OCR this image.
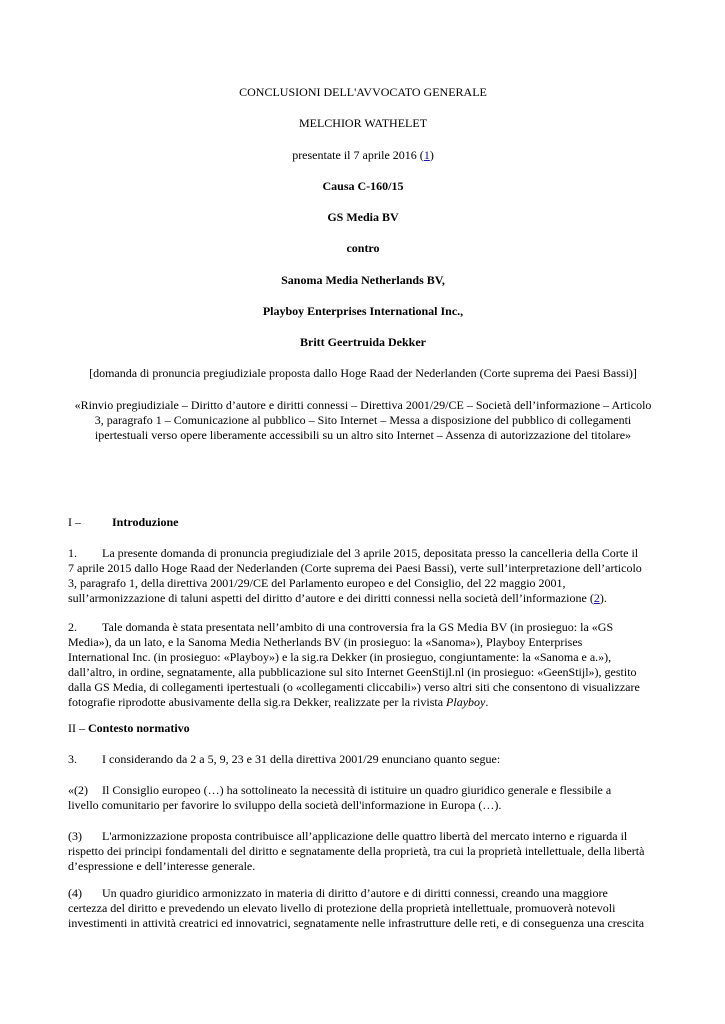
CONCLUSIONI DELL'AVVOCATO GENERALE
MELCHIOR WATHELET
presentate il 7 aprile 2016 (1)
Causa C-160/15
GS Media BV
contro
Sanoma Media Netherlands BV,
Playboy Enterprises International Inc.,
Britt Geertruida Dekker
[domanda di pronuncia pregiudiziale proposta dallo Hoge Raad der Nederlanden (Corte suprema dei Paesi Bassi)]
«Rinvio pregiudiziale – Diritto d’autore e diritti connessi – Direttiva 2001/29/CE – Società dell’informazione – Articolo
3, paragrafo 1 – Comunicazione al pubblico – Sito Internet – Messa a disposizione del pubblico di collegamenti
ipertestuali verso opere liberamente accessibili su un altro sito Internet – Assenza di autorizzazione del titolare»
I –	Introduzione
1. La presente domanda di pronuncia pregiudiziale del 3 aprile 2015, depositata presso la cancelleria della Corte il
7 aprile 2015 dallo Hoge Raad der Nederlanden (Corte suprema dei Paesi Bassi), verte sull’interpretazione dell’articolo
3, paragrafo 1, della direttiva 2001/29/CE del Parlamento europeo e del Consiglio, del 22 maggio 2001,
sull’armonizzazione di taluni aspetti del diritto d’autore e dei diritti connessi nella società dell’informazione (2).
2. Tale domanda è stata presentata nell’ambito di una controversia fra la GS Media BV (in prosieguo: la «GS
Media»), da un lato, e la Sanoma Media Netherlands BV (in prosieguo: la «Sanoma»), Playboy Enterprises
International Inc. (in prosieguo: «Playboy») e la sig.ra Dekker (in prosieguo, congiuntamente: la «Sanoma e a.»),
dall’altro, in ordine, segnatamente, alla pubblicazione sul sito Internet GeenStijl.nl (in prosieguo: «GeenStijl»), gestito
dalla GS Media, di collegamenti ipertestuali (o «collegamenti cliccabili») verso altri siti che consentono di visualizzare
fotografie riprodotte abusivamente della sig.ra Dekker, realizzate per la rivista Playboy.
II – Contesto normativo
3. I considerando da 2 a 5, 9, 23 e 31 della direttiva 2001/29 enunciano quanto segue:
«(2) Il Consiglio europeo (…) ha sottolineato la necessità di istituire un quadro giuridico generale e flessibile a
livello comunitario per favorire lo sviluppo della società dell'informazione in Europa (…).
(3) L'armonizzazione proposta contribuisce all’applicazione delle quattro libertà del mercato interno e riguarda il
rispetto dei principi fondamentali del diritto e segnatamente della proprietà, tra cui la proprietà intellettuale, della libertà
d’espressione e dell’interesse generale.
(4) Un quadro giuridico armonizzato in materia di diritto d’autore e di diritti connessi, creando una maggiore
certezza del diritto e prevedendo un elevato livello di protezione della proprietà intellettuale, promuoverà notevoli
investimenti in attività creatrici ed innovatrici, segnatamente nelle infrastrutture delle reti, e di conseguenza una crescita
